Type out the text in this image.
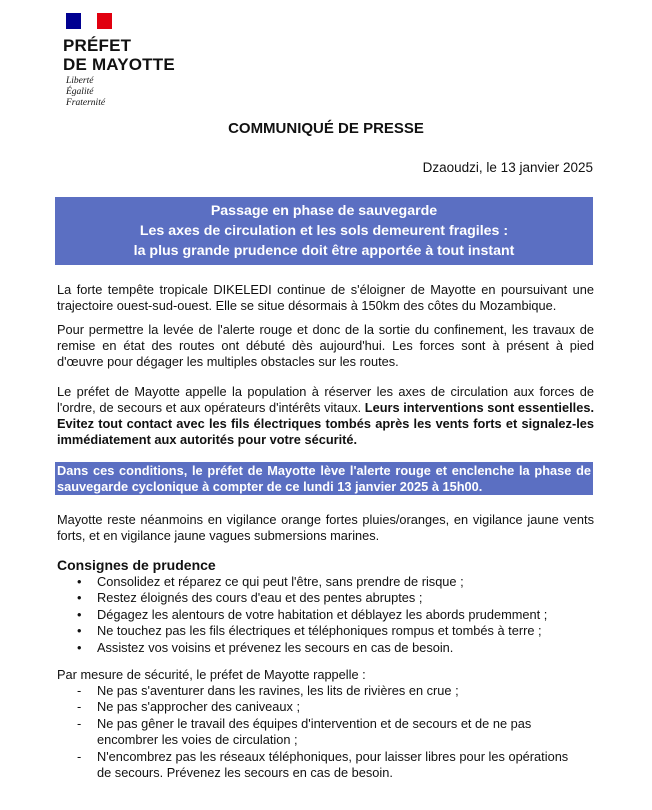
PRÉFET
DE MAYOTTE
Liberté
Égalité
Fraternité
COMMUNIQUÉ DE PRESSE
Dzaoudzi, le 13 janvier 2025
Passage en phase de sauvegarde
Les axes de circulation et les sols demeurent fragiles :
la plus grande prudence doit être apportée à tout instant
La forte tempête tropicale DIKELEDI continue de s'éloigner de Mayotte en poursuivant une trajectoire ouest-sud-ouest. Elle se situe désormais à 150km des côtes du Mozambique.
Pour permettre la levée de l'alerte rouge et donc de la sortie du confinement, les travaux de remise en état des routes ont débuté dès aujourd'hui. Les forces sont à présent à pied d'œuvre pour dégager les multiples obstacles sur les routes.
Le préfet de Mayotte appelle la population à réserver les axes de circulation aux forces de l'ordre, de secours et aux opérateurs d'intérêts vitaux. Leurs interventions sont essentielles. Evitez tout contact avec les fils électriques tombés après les vents forts et signalez-les immédiatement aux autorités pour votre sécurité.
Dans ces conditions, le préfet de Mayotte lève l'alerte rouge et enclenche la phase de sauvegarde cyclonique à compter de ce lundi 13 janvier 2025 à 15h00.
Mayotte reste néanmoins en vigilance orange fortes pluies/oranges, en vigilance jaune vents forts, et en vigilance jaune vagues submersions marines.
Consignes de prudence
• Consolidez et réparez ce qui peut l'être, sans prendre de risque ;
• Restez éloignés des cours d'eau et des pentes abruptes ;
• Dégagez les alentours de votre habitation et déblayez les abords prudemment ;
• Ne touchez pas les fils électriques et téléphoniques rompus et tombés à terre ;
• Assistez vos voisins et prévenez les secours en cas de besoin.
Par mesure de sécurité, le préfet de Mayotte rappelle :
- Ne pas s'aventurer dans les ravines, les lits de rivières en crue ;
- Ne pas s'approcher des caniveaux ;
- Ne pas gêner le travail des équipes d'intervention et de secours et de ne pas encombrer les voies de circulation ;
- N'encombrez pas les réseaux téléphoniques, pour laisser libres pour les opérations de secours. Prévenez les secours en cas de besoin.
